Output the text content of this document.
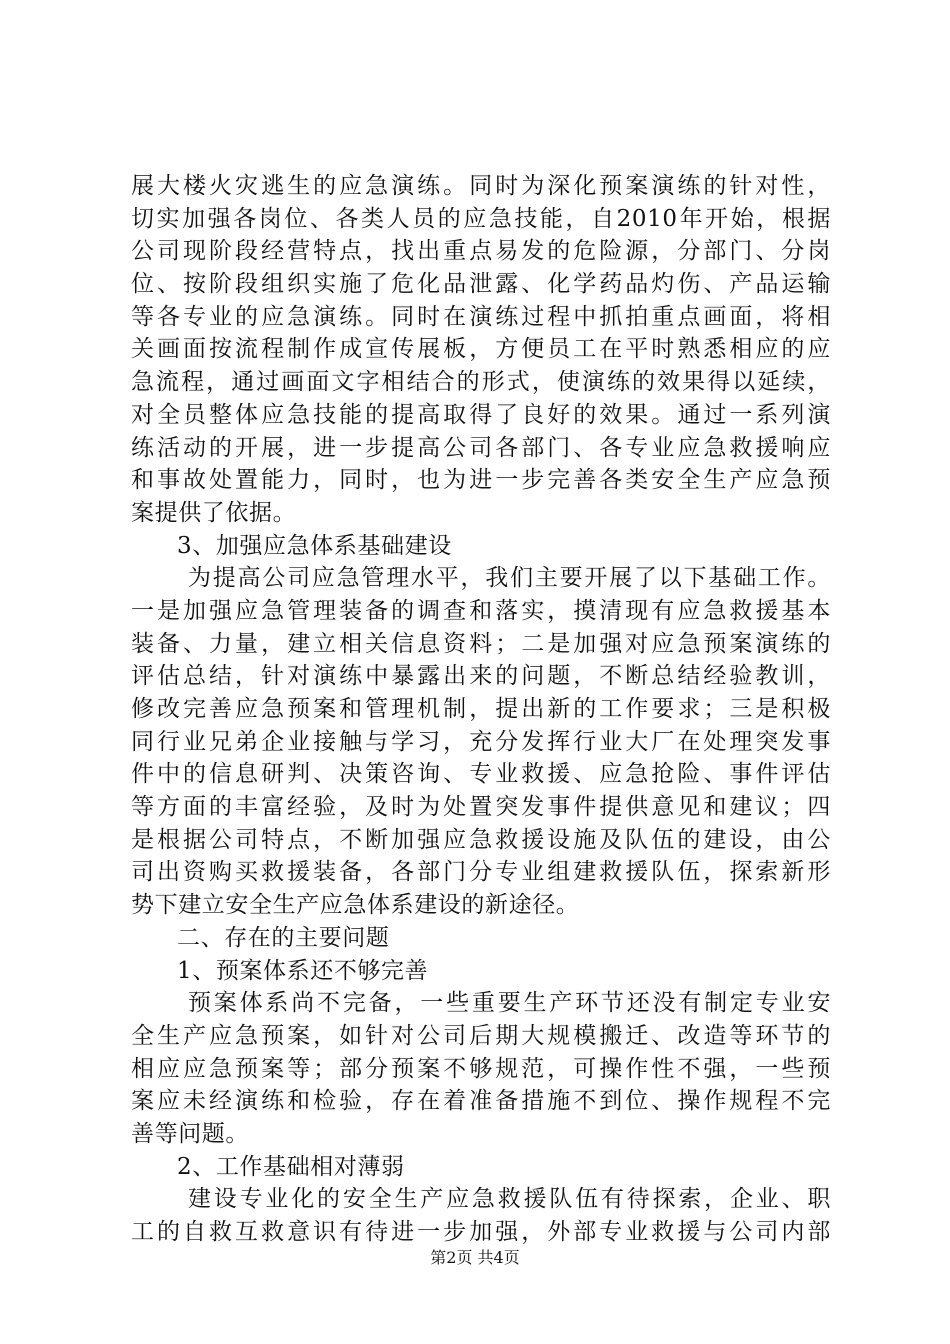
展大楼火灾逃生的应急演练。同时为深化预案演练的针对性，
切实加强各岗位、各类人员的应急技能，自2010年开始，根据
公司现阶段经营特点，找出重点易发的危险源，分部门、分岗
位、按阶段组织实施了危化品泄露、化学药品灼伤、产品运输
等各专业的应急演练。同时在演练过程中抓拍重点画面，将相
关画面按流程制作成宣传展板，方便员工在平时熟悉相应的应
急流程，通过画面文字相结合的形式，使演练的效果得以延续，
对全员整体应急技能的提高取得了良好的效果。通过一系列演
练活动的开展，进一步提高公司各部门、各专业应急救援响应
和事故处置能力，同时，也为进一步完善各类安全生产应急预
案提供了依据。
3、加强应急体系基础建设
为提高公司应急管理水平，我们主要开展了以下基础工作。
一是加强应急管理装备的调查和落实，摸清现有应急救援基本
装备、力量，建立相关信息资料；二是加强对应急预案演练的
评估总结，针对演练中暴露出来的问题，不断总结经验教训，
修改完善应急预案和管理机制，提出新的工作要求；三是积极
同行业兄弟企业接触与学习，充分发挥行业大厂在处理突发事
件中的信息研判、决策咨询、专业救援、应急抢险、事件评估
等方面的丰富经验，及时为处置突发事件提供意见和建议；四
是根据公司特点，不断加强应急救援设施及队伍的建设，由公
司出资购买救援装备，各部门分专业组建救援队伍，探索新形
势下建立安全生产应急体系建设的新途径。
二、存在的主要问题
1、预案体系还不够完善
预案体系尚不完备，一些重要生产环节还没有制定专业安
全生产应急预案，如针对公司后期大规模搬迁、改造等环节的
相应应急预案等；部分预案不够规范，可操作性不强，一些预
案应未经演练和检验，存在着准备措施不到位、操作规程不完
善等问题。
2、工作基础相对薄弱
建设专业化的安全生产应急救援队伍有待探索，企业、职
工的自救互救意识有待进一步加强，外部专业救援与公司内部
第2页 共4页
